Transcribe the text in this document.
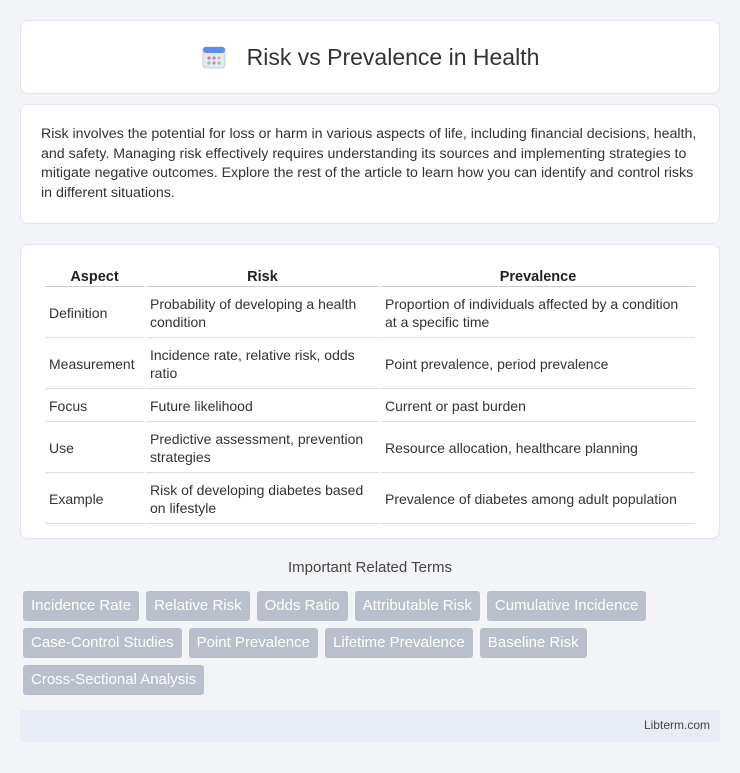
Risk vs Prevalence in Health

Risk involves the potential for loss or harm in various aspects of life, including financial decisions, health, and safety. Managing risk effectively requires understanding its sources and implementing strategies to mitigate negative outcomes. Explore the rest of the article to learn how you can identify and control risks in different situations.

Aspect	Risk	Prevalence
Definition	Probability of developing a health condition	Proportion of individuals affected by a condition at a specific time
Measurement	Incidence rate, relative risk, odds ratio	Point prevalence, period prevalence
Focus	Future likelihood	Current or past burden
Use	Predictive assessment, prevention strategies	Resource allocation, healthcare planning
Example	Risk of developing diabetes based on lifestyle	Prevalence of diabetes among adult population
Important Related Terms
Incidence Rate	Relative Risk	Odds Ratio	Attributable Risk	Cumulative Incidence
Case-Control Studies	Point Prevalence	Lifetime Prevalence	Baseline Risk
Cross-Sectional Analysis
Libterm.com
